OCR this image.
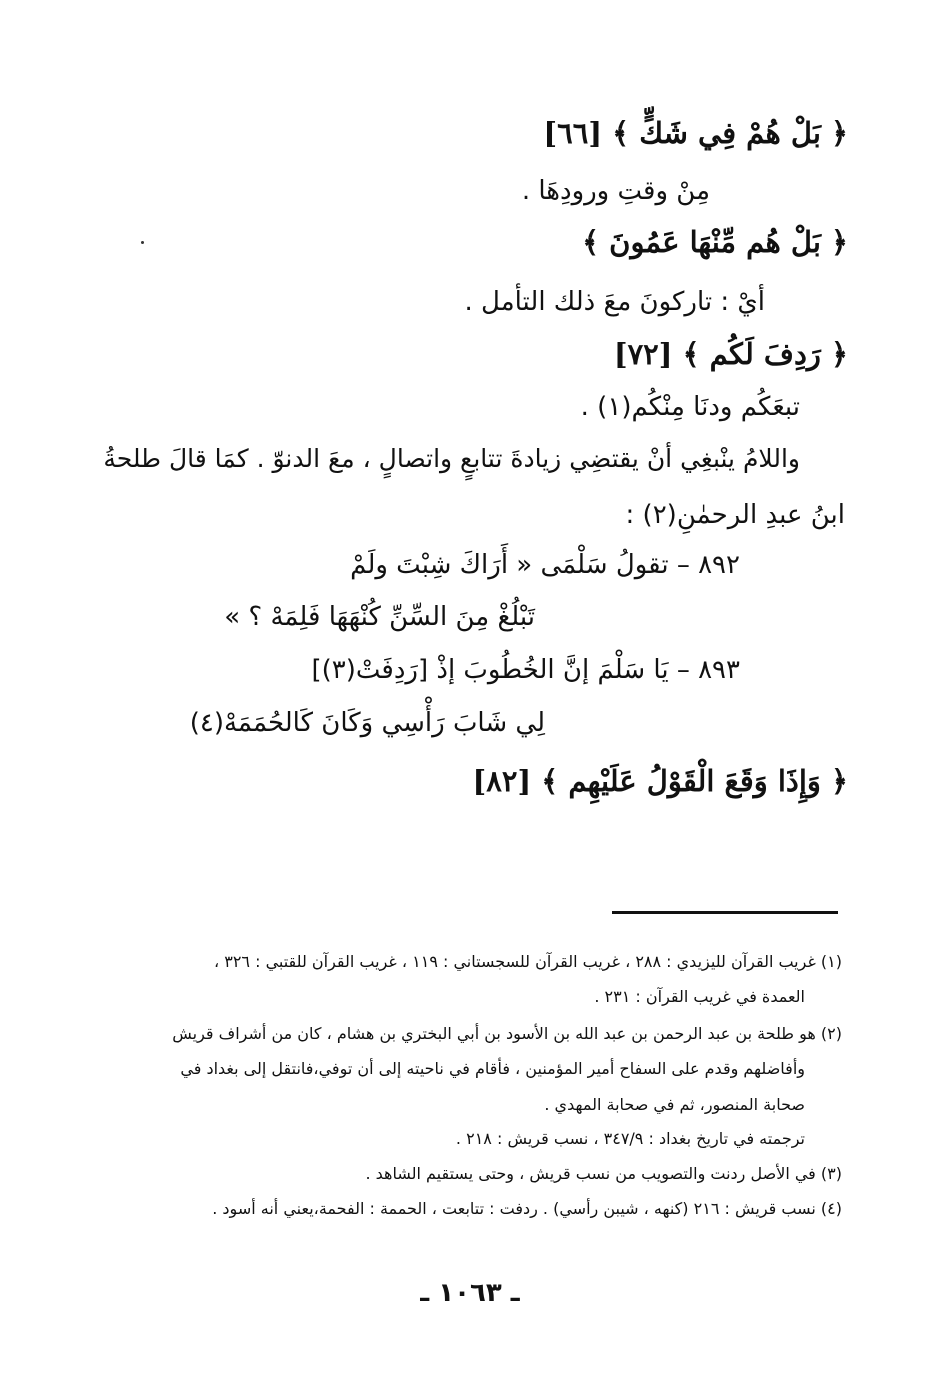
﴿ بَلْ هُمْ فِي شَكٍّ ﴾ [٦٦]
مِنْ وقتِ ورودِهَا .
﴿ بَلْ هُم مِّنْهَا عَمُونَ ﴾
أيْ : تاركونَ معَ ذلك التأمل .
﴿ رَدِفَ لَكُم ﴾ [٧٢]
تبعَكُم ودنَا مِنْكُم(١) .
واللامُ ينْبغِي أنْ يقتضِي زيادةَ تتابعٍ واتصالٍ ، معَ الدنوّ . كمَا قالَ طلحةُ
ابنُ عبدِ الرحمٰنِ(٢) :
٨٩٢ – تقولُ سَلْمَى « أَرَاكَ شِبْتَ ولَمْ
تَبْلُغْ مِنَ السِّنِّ كُنْهَهَا فَلِمَهْ ؟ »
٨٩٣ – يَا سَلْمَ إنَّ الخُطُوبَ إذْ [رَدِفَتْ(٣)]
لِي شَابَ رَأْسِي وَكَانَ كَالحُمَمَهْ(٤)
﴿ وَإِذَا وَقَعَ الْقَوْلُ عَلَيْهِم ﴾ [٨٢]
(١) غريب القرآن لليزيدي : ٢٨٨ ، غريب القرآن للسجستاني : ١١٩ ، غريب القرآن للقتبي : ٣٢٦ ،
العمدة في غريب القرآن : ٢٣١ .
(٢) هو طلحة بن عبد الرحمن بن عبد الله بن الأسود بن أبي البختري بن هشام ، كان من أشراف قريش
وأفاضلهم وقدم على السفاح أمير المؤمنين ، فأقام في ناحيته إلى أن توفي،فانتقل إلى بغداد في
صحابة المنصور، ثم في صحابة المهدي .
ترجمته في تاريخ بغداد : ٣٤٧/٩ ، نسب قريش : ٢١٨ .
(٣) في الأصل ردنت والتصويب من نسب قريش ، وحتى يستقيم الشاهد .
(٤) نسب قريش : ٢١٦ (كنهه ، شيبن رأسي) . ردفت : تتابعت ، الحممة : الفحمة،يعني أنه أسود .
ـ ١٠٦٣ ـ
